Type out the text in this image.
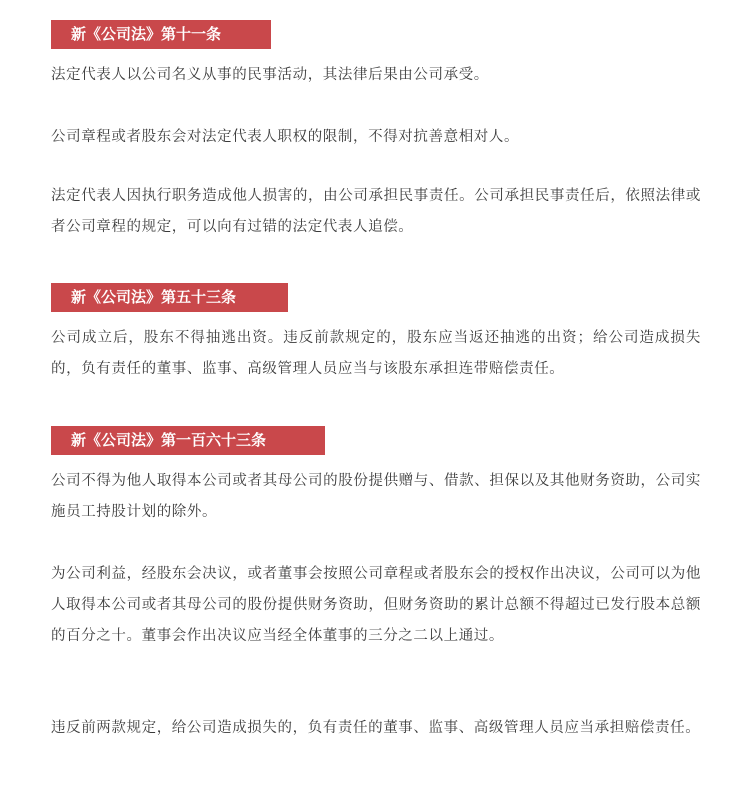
新《公司法》第十一条

法定代表人以公司名义从事的民事活动，其法律后果由公司承受。

公司章程或者股东会对法定代表人职权的限制，不得对抗善意相对人。

法定代表人因执行职务造成他人损害的，由公司承担民事责任。公司承担民事责任后，依照法律或者公司章程的规定，可以向有过错的法定代表人追偿。

新《公司法》第五十三条

公司成立后，股东不得抽逃出资。违反前款规定的，股东应当返还抽逃的出资；给公司造成损失的，负有责任的董事、监事、高级管理人员应当与该股东承担连带赔偿责任。

新《公司法》第一百六十三条

公司不得为他人取得本公司或者其母公司的股份提供赠与、借款、担保以及其他财务资助，公司实施员工持股计划的除外。

为公司利益，经股东会决议，或者董事会按照公司章程或者股东会的授权作出决议，公司可以为他人取得本公司或者其母公司的股份提供财务资助，但财务资助的累计总额不得超过已发行股本总额的百分之十。董事会作出决议应当经全体董事的三分之二以上通过。

违反前两款规定，给公司造成损失的，负有责任的董事、监事、高级管理人员应当承担赔偿责任。
